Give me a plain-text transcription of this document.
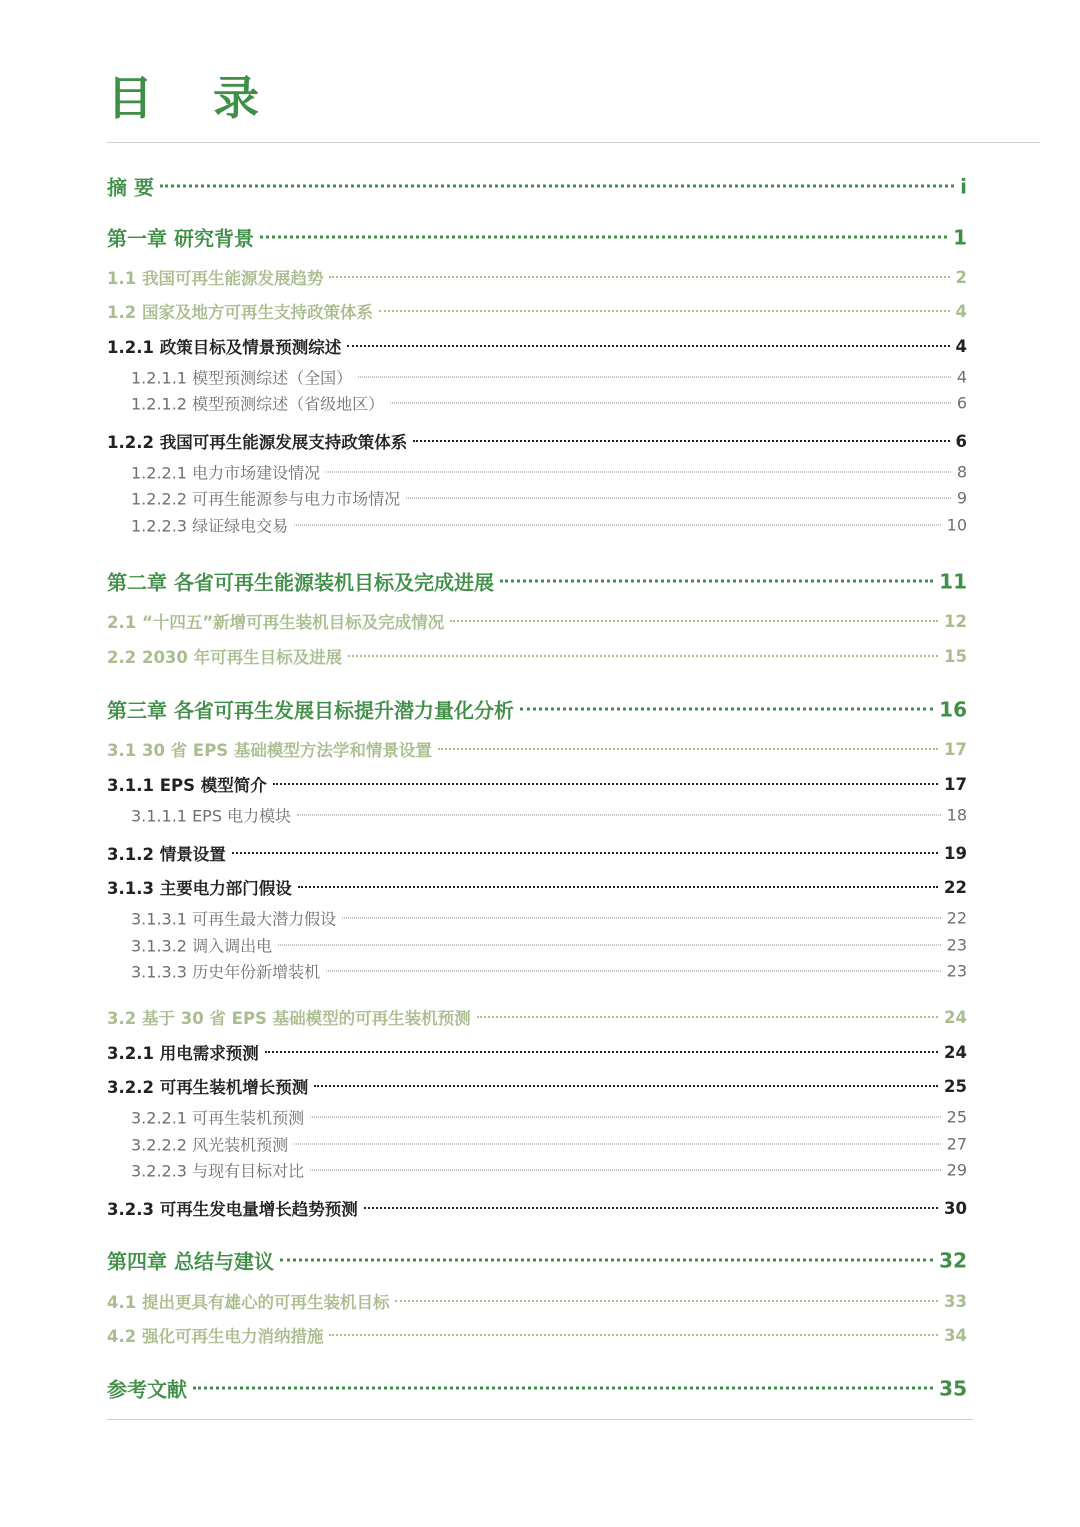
目 录
摘 要	i
第一章 研究背景	1
1.1 我国可再生能源发展趋势	2
1.2 国家及地方可再生支持政策体系	4
1.2.1 政策目标及情景预测综述	4
1.2.1.1 模型预测综述（全国）	4
1.2.1.2 模型预测综述（省级地区）	6
1.2.2 我国可再生能源发展支持政策体系	6
1.2.2.1 电力市场建设情况	8
1.2.2.2 可再生能源参与电力市场情况	9
1.2.2.3 绿证绿电交易	10
第二章 各省可再生能源装机目标及完成进展	11
2.1 “十四五”新增可再生装机目标及完成情况	12
2.2 2030 年可再生目标及进展	15
第三章 各省可再生发展目标提升潜力量化分析	16
3.1 30 省 EPS 基础模型方法学和情景设置	17
3.1.1 EPS 模型简介	17
3.1.1.1 EPS 电力模块	18
3.1.2 情景设置	19
3.1.3 主要电力部门假设	22
3.1.3.1 可再生最大潜力假设	22
3.1.3.2 调入调出电	23
3.1.3.3 历史年份新增装机	23
3.2 基于 30 省 EPS 基础模型的可再生装机预测	24
3.2.1 用电需求预测	24
3.2.2 可再生装机增长预测	25
3.2.2.1 可再生装机预测	25
3.2.2.2 风光装机预测	27
3.2.2.3 与现有目标对比	29
3.2.3 可再生发电量增长趋势预测	30
第四章 总结与建议	32
4.1 提出更具有雄心的可再生装机目标	33
4.2 强化可再生电力消纳措施	34
参考文献	35
